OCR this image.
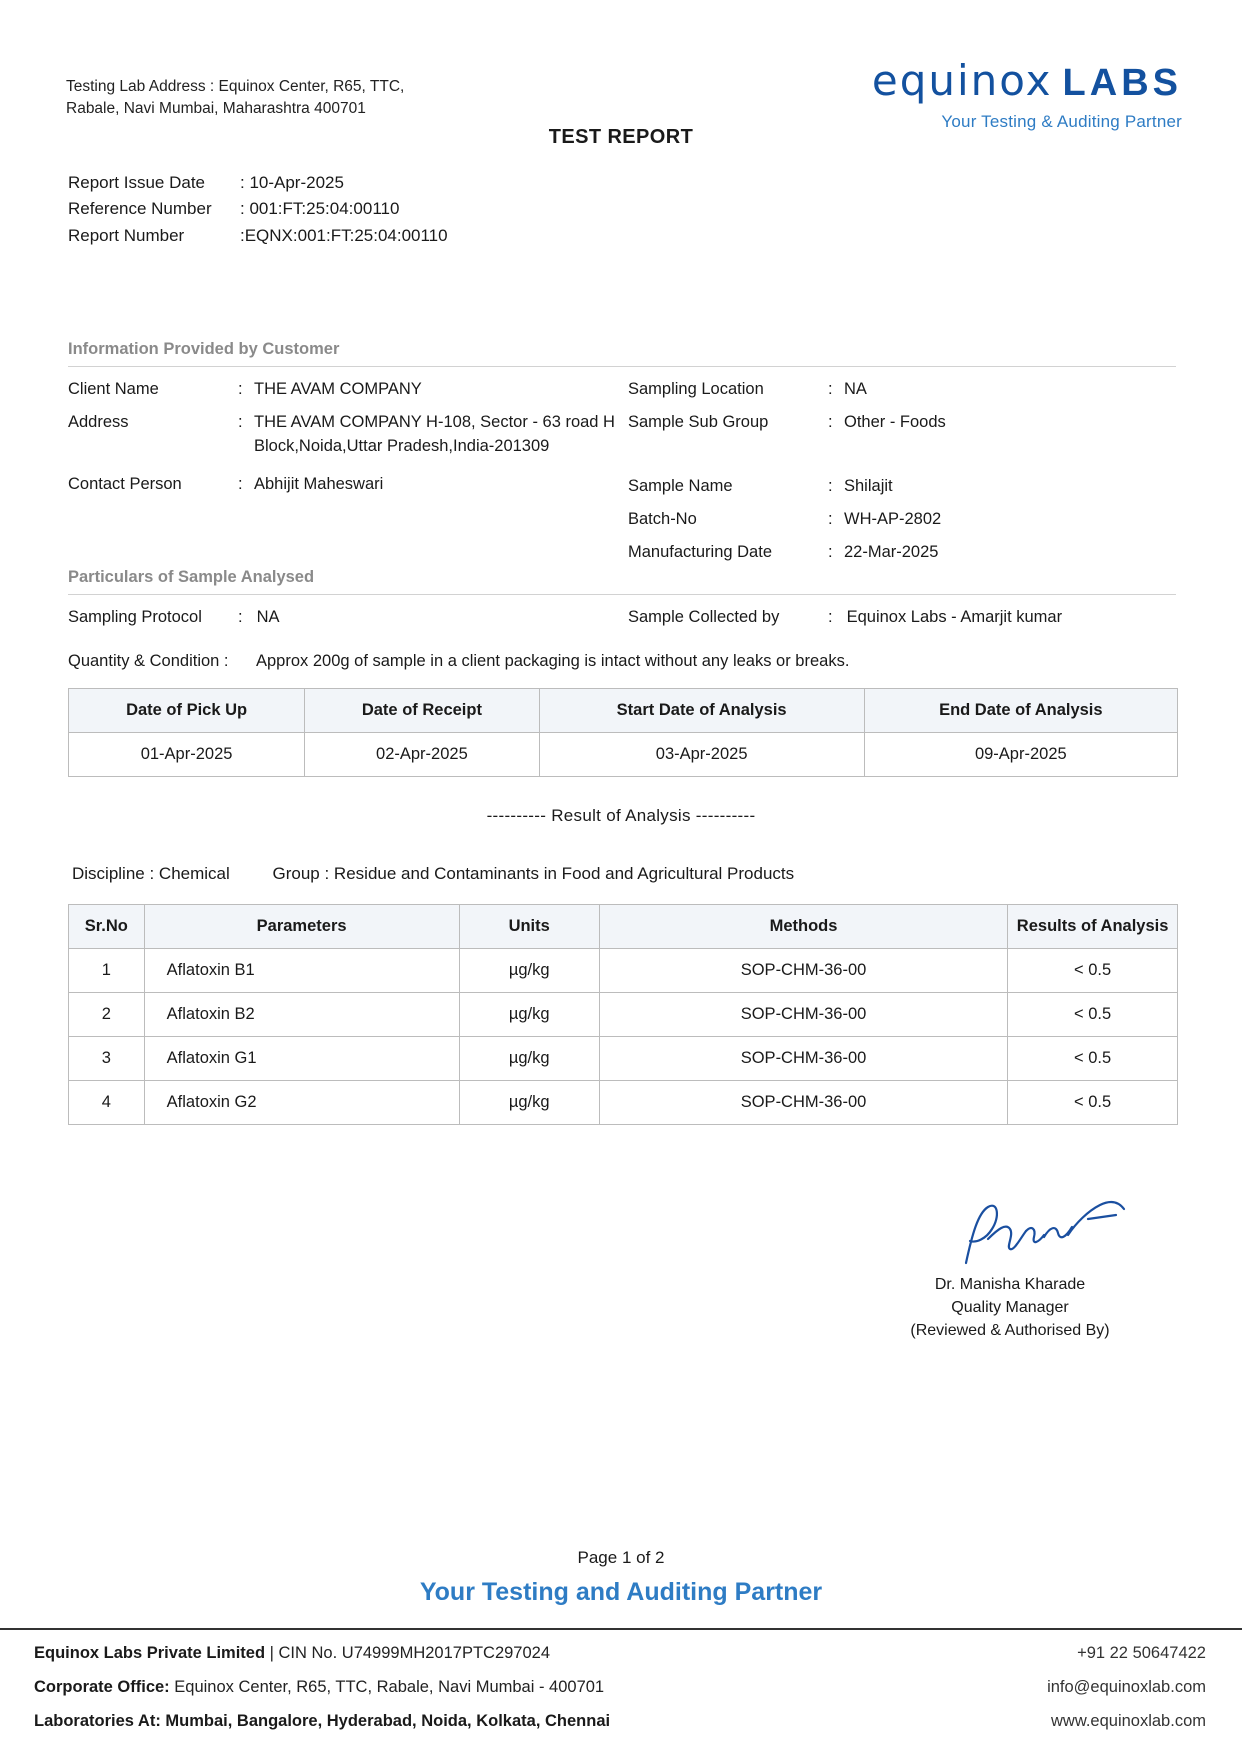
Testing Lab Address : Equinox Center, R65, TTC, Rabale, Navi Mumbai, Maharashtra 400701
equinox LABS
Your Testing & Auditing Partner
TEST REPORT
Report Issue Date	: 10-Apr-2025
Reference Number	: 001:FT:25:04:00110
Report Number	:EQNX:001:FT:25:04:00110
Information Provided by Customer
Client Name	: THE AVAM COMPANY
Address	: THE AVAM COMPANY H-108, Sector - 63 road H Block,Noida,Uttar Pradesh,India-201309
Contact Person	: Abhijit Maheswari
Sampling Location	: NA
Sample Sub Group	: Other - Foods
Sample Name	: Shilajit
Batch-No	: WH-AP-2802
Manufacturing Date	: 22-Mar-2025
Particulars of Sample Analysed
Sampling Protocol	: NA	Sample Collected by	: Equinox Labs - Amarjit kumar
Quantity & Condition :	Approx 200g of sample in a client packaging is intact without any leaks or breaks.
Date of Pick Up	Date of Receipt	Start Date of Analysis	End Date of Analysis
01-Apr-2025	02-Apr-2025	03-Apr-2025	09-Apr-2025
---------- Result of Analysis ----------
Discipline : Chemical	Group : Residue and Contaminants in Food and Agricultural Products
Sr.No	Parameters	Units	Methods	Results of Analysis
1	Aflatoxin B1	µg/kg	SOP-CHM-36-00	< 0.5
2	Aflatoxin B2	µg/kg	SOP-CHM-36-00	< 0.5
3	Aflatoxin G1	µg/kg	SOP-CHM-36-00	< 0.5
4	Aflatoxin G2	µg/kg	SOP-CHM-36-00	< 0.5
Dr. Manisha Kharade
Quality Manager
(Reviewed & Authorised By)
Page 1 of 2
Your Testing and Auditing Partner
Equinox Labs Private Limited | CIN No. U74999MH2017PTC297024	+91 22 50647422
Corporate Office: Equinox Center, R65, TTC, Rabale, Navi Mumbai - 400701	info@equinoxlab.com
Laboratories At: Mumbai, Bangalore, Hyderabad, Noida, Kolkata, Chennai	www.equinoxlab.com
